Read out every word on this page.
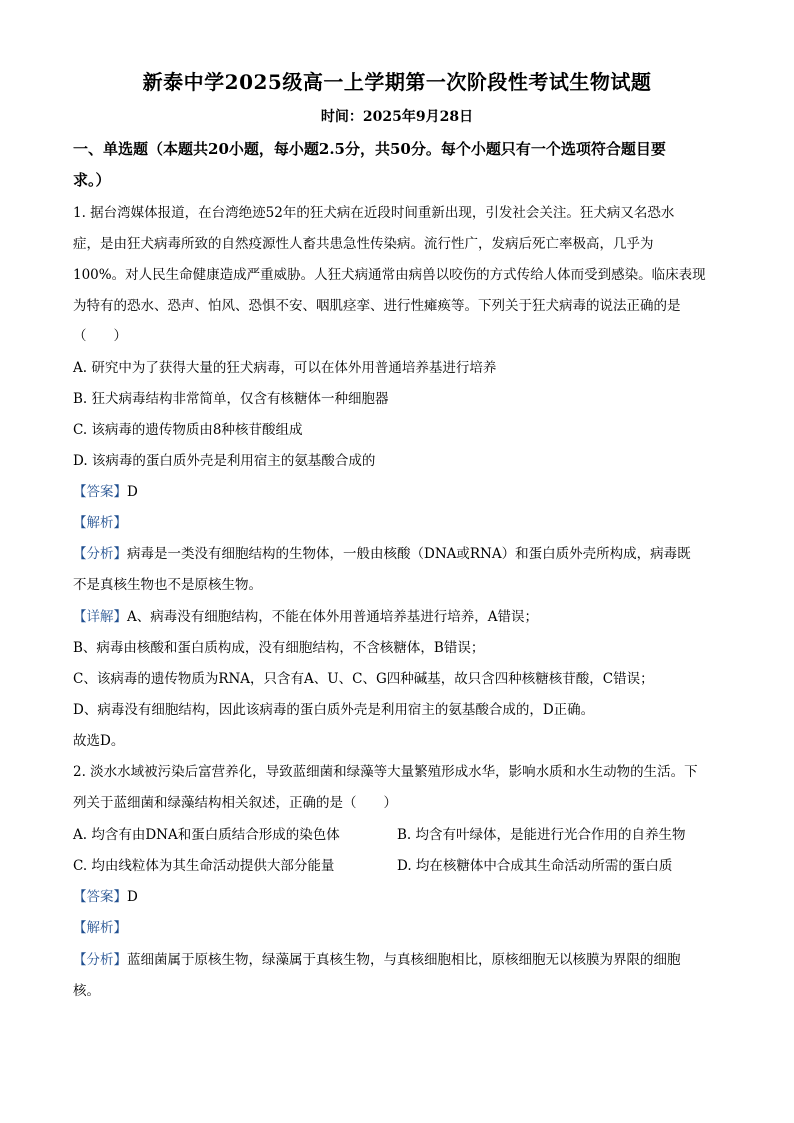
新泰中学2025级高一上学期第一次阶段性考试生物试题
时间：2025年9月28日
一、单选题（本题共20小题，每小题2.5分，共50分。每个小题只有一个选项符合题目要
求。）
1. 据台湾媒体报道，在台湾绝迹52年的狂犬病在近段时间重新出现，引发社会关注。狂犬病又名恐水
症，是由狂犬病毒所致的自然疫源性人畜共患急性传染病。流行性广，发病后死亡率极高，几乎为
100%。对人民生命健康造成严重威胁。人狂犬病通常由病兽以咬伤的方式传给人体而受到感染。临床表现
为特有的恐水、恐声、怕风、恐惧不安、咽肌痉挛、进行性瘫痪等。下列关于狂犬病毒的说法正确的是
（　　）
A. 研究中为了获得大量的狂犬病毒，可以在体外用普通培养基进行培养
B. 狂犬病毒结构非常简单，仅含有核糖体一种细胞器
C. 该病毒的遗传物质由8种核苷酸组成
D. 该病毒的蛋白质外壳是利用宿主的氨基酸合成的
【答案】D
【解析】
【分析】病毒是一类没有细胞结构的生物体，一般由核酸（DNA或RNA）和蛋白质外壳所构成，病毒既
不是真核生物也不是原核生物。
【详解】A、病毒没有细胞结构，不能在体外用普通培养基进行培养，A错误；
B、病毒由核酸和蛋白质构成，没有细胞结构，不含核糖体，B错误；
C、该病毒的遗传物质为RNA，只含有A、U、C、G四种碱基，故只含四种核糖核苷酸，C错误；
D、病毒没有细胞结构，因此该病毒的蛋白质外壳是利用宿主的氨基酸合成的，D正确。
故选D。
2. 淡水水域被污染后富营养化，导致蓝细菌和绿藻等大量繁殖形成水华，影响水质和水生动物的生活。下
列关于蓝细菌和绿藻结构相关叙述，正确的是（　　）
A. 均含有由DNA和蛋白质结合形成的染色体	B. 均含有叶绿体，是能进行光合作用的自养生物
C. 均由线粒体为其生命活动提供大部分能量	D. 均在核糖体中合成其生命活动所需的蛋白质
【答案】D
【解析】
【分析】蓝细菌属于原核生物，绿藻属于真核生物，与真核细胞相比，原核细胞无以核膜为界限的细胞
核。
